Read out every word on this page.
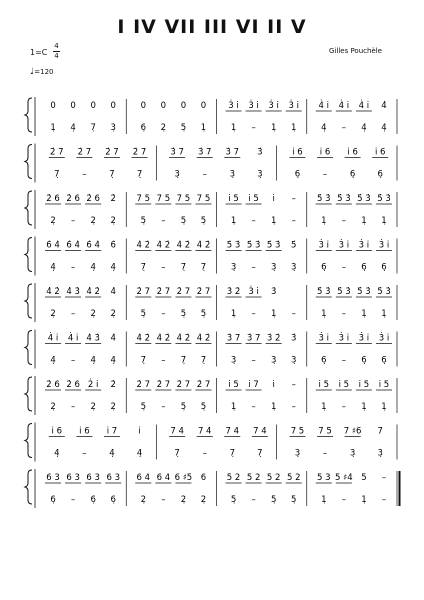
I IV VII III VI II V
Gilles Pouchèle
1=C
4
4
♩=120
0
1̣
0
4̣
0
7̣
0
3̣
0
6̣
0
2̣
0
5̣
0
1̣
3̇ i̇
1̣
3̇ i̇
–
3̇ i̇
1̣
3̇ i̇
1̣
4̇ i̇
4̣
4̇ i̇
–
4̇ i̇
4̣
4̇
4̣
2̇ 7
7̣
2̇ 7
–
2̇ 7
7̣
2̇ 7
7̣
3̇ 7
3̣
3̇ 7
–
3̇ 7
3̣
3̇
3̣
i̇ 6
6̣
i̇ 6
–
i̇ 6
6̣
i̇ 6
6̣
2̇ 6
2̣
2̇ 6
–
2̇ 6
2̣
2̇
2̣
7 5
5̣
7 5
–
7 5
5̣
7 5
5̣
i̇ 5
1̣
i̇ 5
–
i̇
1̣
–
–
5̇ 3̇
1̣
5̇ 3̇
–
5̇ 3̇
1̣
5̇ 3̇
1̣
6̇ 4̇
4̣
6̇ 4̇
–
6̇ 4̇
4̣
6̇
4̣
4̇ 2̇
7̣
4̇ 2̇
–
4̇ 2̇
7̣
4̇ 2̇
7̣
5̇ 3̇
3̣
5̇ 3̇
–
5̇ 3̇
3̣
5̇
3̣
3̇ i̇
6̣
3̇ i̇
–
3̇ i̇
6̣
3̇ i̇
6̣
4̇ 2̇
2̣
4̇ 3̇
–
4̇ 2̇
2̣
4̇
2̣
2̇ 7
5̣
2̇ 7
–
2̇ 7
5̣
2̇ 7
5̣
3̇ 2̇
1̣
3̇ i̇
–
3̇
1̣ –
5̇ 3̇
1̣
5̇ 3̇
–
5̇ 3̇
1̣
5̇ 3̇
1̣
4̇ i̇
4̣
4̇ i̇
–
4̇ 3̇
4̣
4̇
4̣
4̇ 2̇
7̣
4̇ 2̇
–
4̇ 2̇
7̣
4̇ 2̇
7̣
3̇ 7
3̣
3̇ 7
–
3̇ 2̇
3̣
3̇
3̣
3̇ i̇
6̣
3̇ i̇
–
3̇ i̇
6̣
3̇ i̇
6̣
2̇ 6
2̣
2̇ 6
–
2̇ i̇
2̣
2̇
2̣
2̇ 7
5̣
2̇ 7
–
2̇ 7
5̣
2̇ 7
5̣
i̇ 5
1̣
i̇ 7
–
i̇
1̣
–
–
i̇ 5
1̣
i̇ 5
–
i̇ 5
1̣
i̇ 5
1̣
i̇ 6
4̣
i̇ 6
–
i̇ 7
4̣
i̇
4̣
7 4
7̣
7 4
–
7 4
7̣
7 4
7̣
7 5
3̣
7 5
–
7 ♯6
3̣
7
3̣
6 3
6̣
6 3
–
6 3
6̣
6 3
6̣
6 4
2̣
6 4
–
6 ♯5
2̣
6
2̣
5 2
5̣
5 2
–
5 2
5̣
5 2
5̣
5 3
1̣
5 ♯4
–
5
1̣
–
–
